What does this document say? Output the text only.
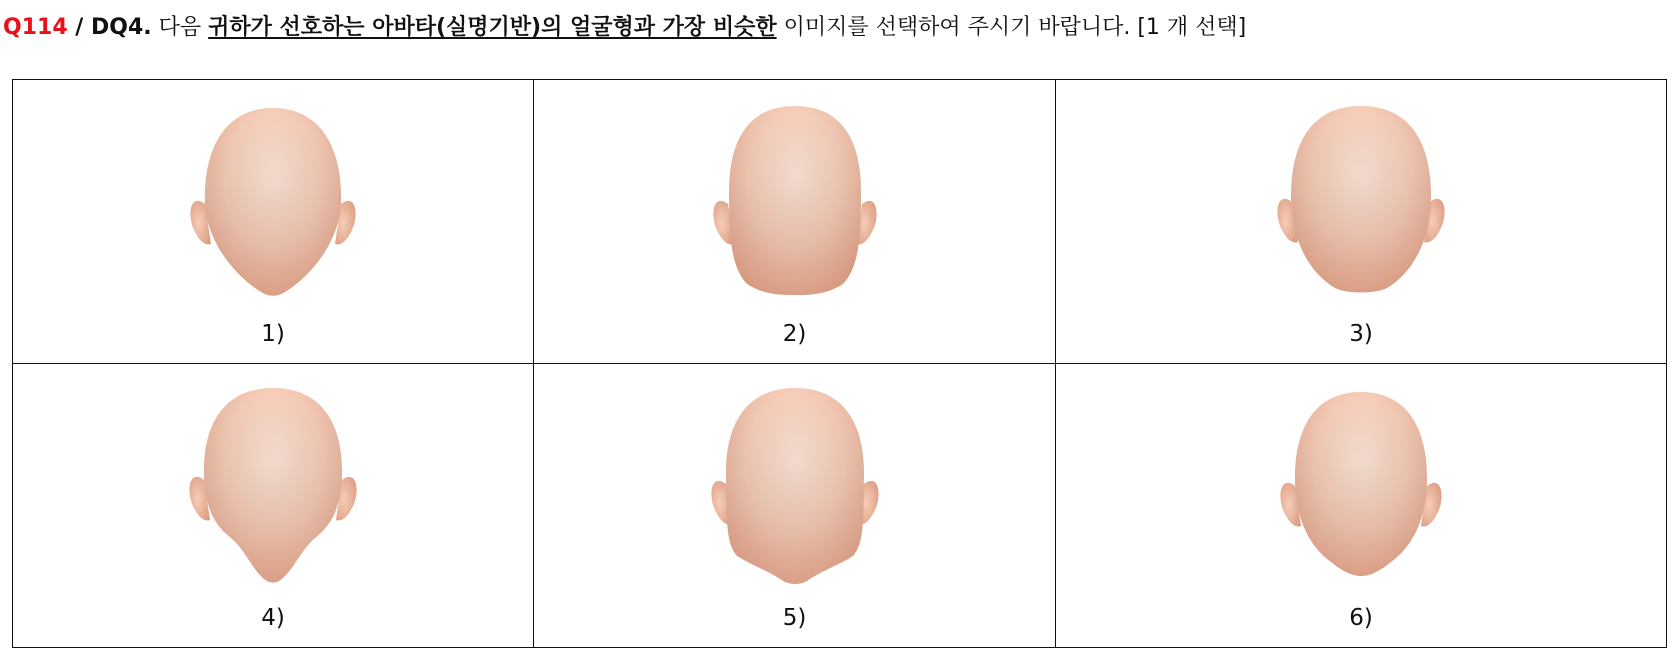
Q114 / DQ4. 다음 귀하가 선호하는 아바타(실명기반)의 얼굴형과 가장 비슷한 이미지를 선택하여 주시기 바랍니다. [1 개 선택]
1)	2)	3)

4)	5)	6)
